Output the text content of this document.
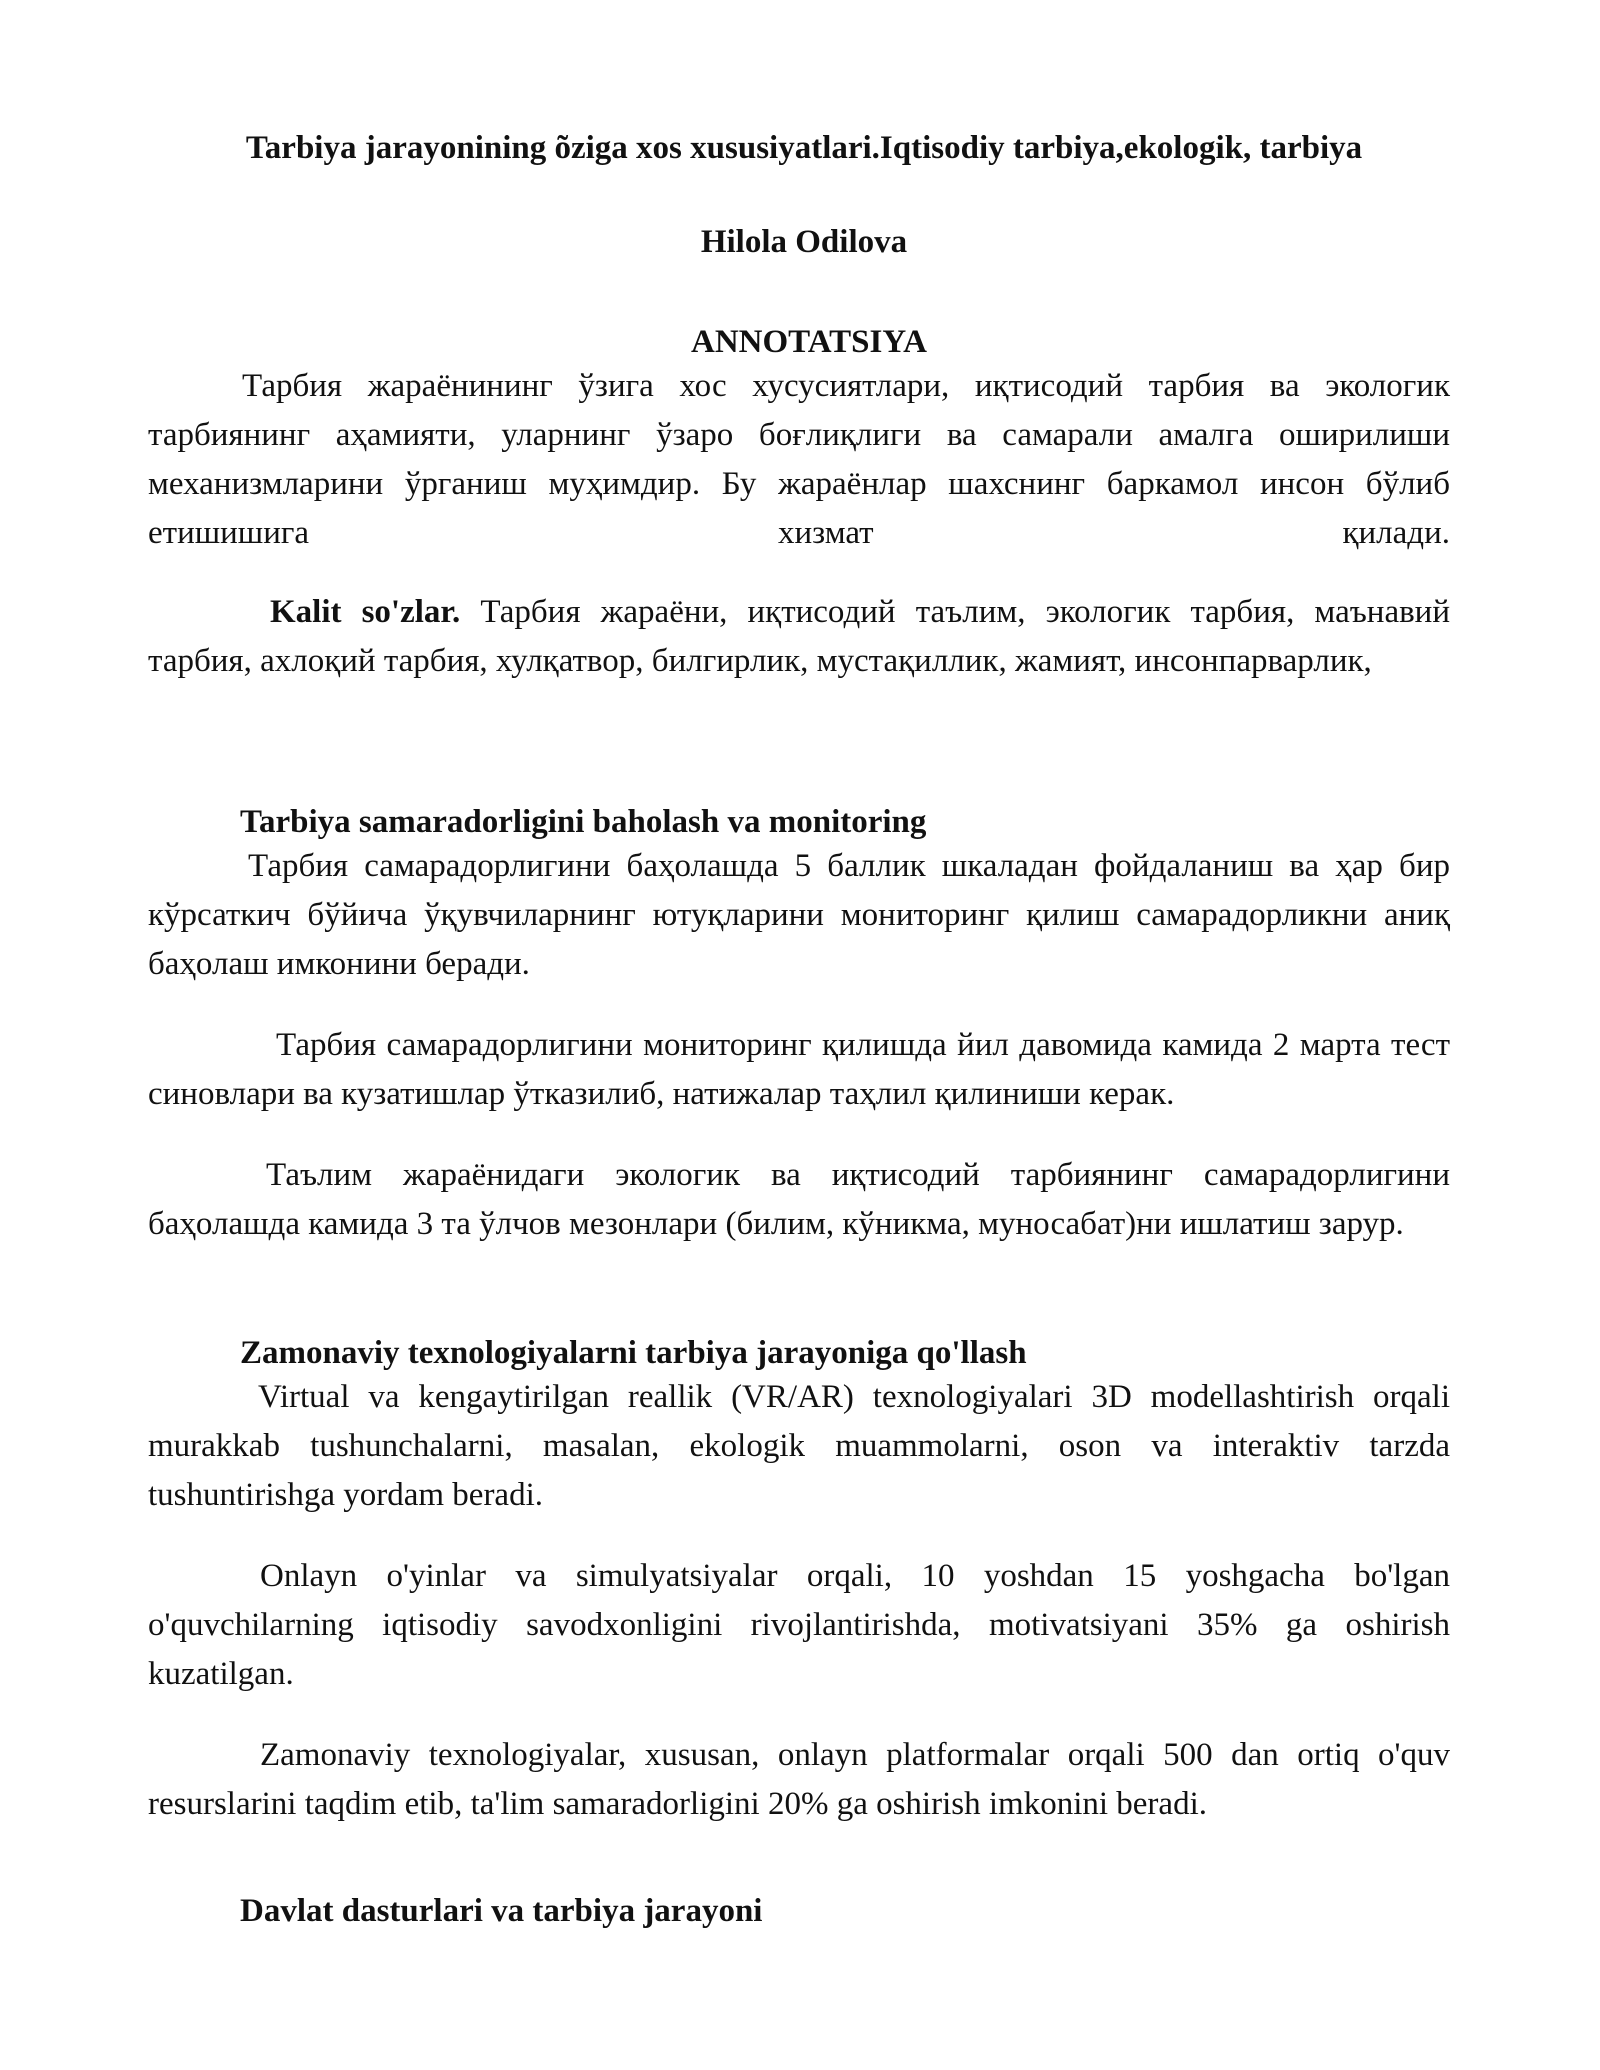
Tarbiya jarayonining õziga xos xususiyatlari.Iqtisodiy tarbiya,ekologik, tarbiya
Hilola Odilova
ANNOTATSIYA

Тарбия жараёнининг ўзига хос хусусиятлари, иқтисодий тарбия ва экологик тарбиянинг аҳамияти, уларнинг ўзаро боғлиқлиги ва самарали амалга оширилиши механизмларини ўрганиш муҳимдир. Бу жараёнлар шахснинг баркамол инсон бўлиб етишишига хизмат қилади.

Kalit so'zlar. Тарбия жараёни, иқтисодий таълим, экологик тарбия, маънавий тарбия, ахлоқий тарбия, хулқатвор, билгирлик, мустақиллик, жамият, инсонпарварлик,

Tarbiya samaradorligini baholash va monitoring

Тарбия самарадорлигини баҳолашда 5 баллик шкаладан фойдаланиш ва ҳар бир кўрсаткич бўйича ўқувчиларнинг ютуқларини мониторинг қилиш самарадорликни аниқ баҳолаш имконини беради.

Тарбия самарадорлигини мониторинг қилишда йил давомида камида 2 марта тест синовлари ва кузатишлар ўтказилиб, натижалар таҳлил қилиниши керак.

Таълим жараёнидаги экологик ва иқтисодий тарбиянинг самарадорлигини баҳолашда камида 3 та ўлчов мезонлари (билим, кўникма, муносабат)ни ишлатиш зарур.

Zamonaviy texnologiyalarni tarbiya jarayoniga qo'llash

Virtual va kengaytirilgan reallik (VR/AR) texnologiyalari 3D modellashtirish orqali murakkab tushunchalarni, masalan, ekologik muammolarni, oson va interaktiv tarzda tushuntirishga yordam beradi.

Onlayn o'yinlar va simulyatsiyalar orqali, 10 yoshdan 15 yoshgacha bo'lgan o'quvchilarning iqtisodiy savodxonligini rivojlantirishda, motivatsiyani 35% ga oshirish kuzatilgan.

Zamonaviy texnologiyalar, xususan, onlayn platformalar orqali 500 dan ortiq o'quv resurslarini taqdim etib, ta'lim samaradorligini 20% ga oshirish imkonini beradi.

Davlat dasturlari va tarbiya jarayoni
